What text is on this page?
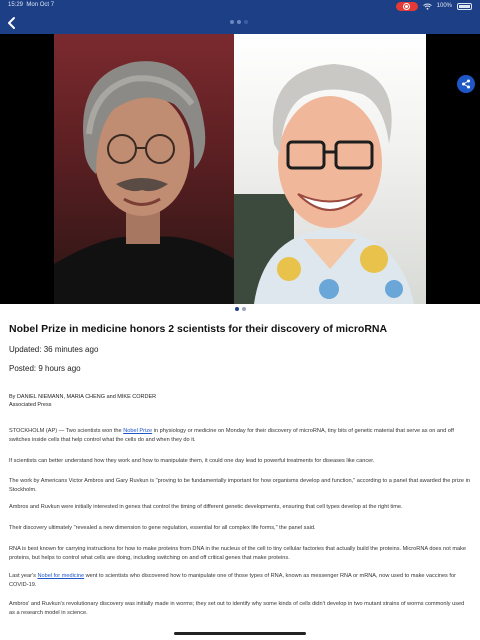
15:29 Mon Oct 7	100%
Nobel Prize in medicine honors 2 scientists for their discovery of microRNA
Updated: 36 minutes ago
Posted: 9 hours ago
By DANIEL NIEMANN, MARIA CHENG and MIKE CORDER
Associated Press

STOCKHOLM (AP) — Two scientists won the Nobel Prize in physiology or medicine on Monday for their discovery of microRNA, tiny bits of genetic material that serve as on and off switches inside cells that help control what the cells do and when they do it.

If scientists can better understand how they work and how to manipulate them, it could one day lead to powerful treatments for diseases like cancer.

The work by Americans Victor Ambros and Gary Ruvkun is "proving to be fundamentally important for how organisms develop and function," according to a panel that awarded the prize in Stockholm.

Ambros and Ruvkun were initially interested in genes that control the timing of different genetic developments, ensuring that cell types develop at the right time.

Their discovery ultimately "revealed a new dimension to gene regulation, essential for all complex life forms," the panel said.

RNA is best known for carrying instructions for how to make proteins from DNA in the nucleus of the cell to tiny cellular factories that actually build the proteins. MicroRNA does not make proteins, but helps to control what cells are doing, including switching on and off critical genes that make proteins.

Last year's Nobel for medicine went to scientists who discovered how to manipulate one of those types of RNA, known as messenger RNA or mRNA, now used to make vaccines for COVID-19.

Ambros' and Ruvkun's revolutionary discovery was initially made in worms; they set out to identify why some kinds of cells didn't develop in two mutant strains of worms commonly used as a research model in science.
